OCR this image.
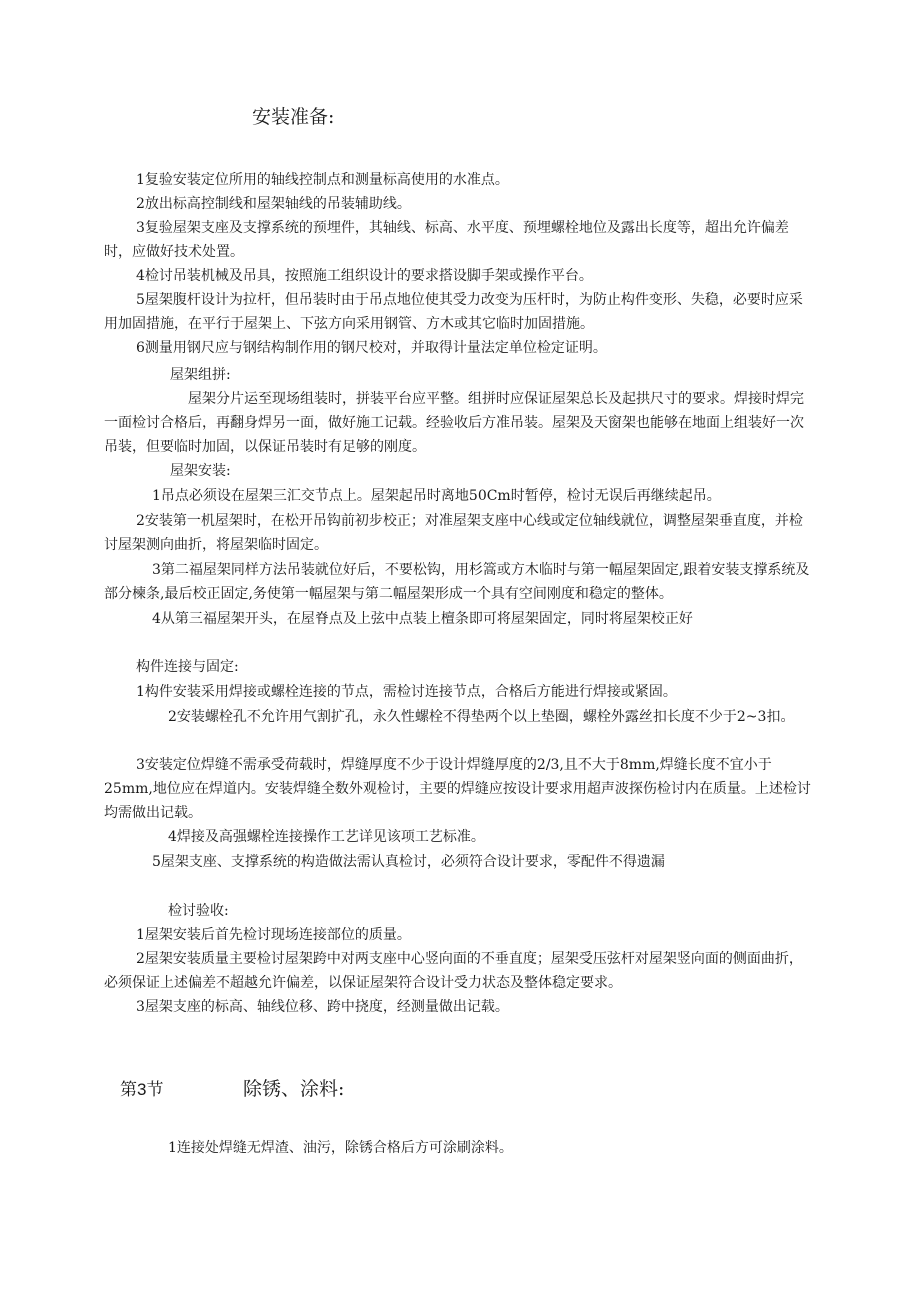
安装准备:
1复验安装定位所用的轴线控制点和测量标高使用的水准点。
2放出标高控制线和屋架轴线的吊装辅助线。
3复验屋架支座及支撑系统的预埋件，其轴线、标高、水平度、预埋螺栓地位及露出长度等，超出允许偏差时，应做好技术处置。
4检讨吊装机械及吊具，按照施工组织设计的要求搭设脚手架或操作平台。
5屋架腹杆设计为拉杆，但吊装时由于吊点地位使其受力改变为压杆时，为防止构件变形、失稳，必要时应采用加固措施，在平行于屋架上、下弦方向采用钢管、方木或其它临时加固措施。
6测量用钢尺应与钢结构制作用的钢尺校对，并取得计量法定单位检定证明。
屋架组拼:
屋架分片运至现场组装时，拼装平台应平整。组拼时应保证屋架总长及起拱尺寸的要求。焊接时焊完一面检讨合格后，再翻身焊另一面，做好施工记载。经验收后方准吊装。屋架及天窗架也能够在地面上组装好一次吊装，但要临时加固，以保证吊装时有足够的刚度。
屋架安装:
1吊点必须设在屋架三汇交节点上。屋架起吊时离地50Cm时暂停，检讨无误后再继续起吊。
2安装第一机屋架时，在松开吊钩前初步校正；对准屋架支座中心线或定位轴线就位，调整屋架垂直度，并检讨屋架测向曲折，将屋架临时固定。
3第二福屋架同样方法吊装就位好后，不要松钩，用杉篙或方木临时与第一幅屋架固定,跟着安装支撑系统及部分楝条,最后校正固定,务使第一幅屋架与第二幅屋架形成一个具有空间刚度和稳定的整体。
4从第三福屋架开头，在屋脊点及上弦中点装上檀条即可将屋架固定，同时将屋架校正好
构件连接与固定:
1构件安装采用焊接或螺栓连接的节点，需检讨连接节点，合格后方能进行焊接或紧固。
2安装螺栓孔不允许用气割扩孔，永久性螺栓不得垫两个以上垫圈，螺栓外露丝扣长度不少于2~3扣。
3安装定位焊缝不需承受荷载时，焊缝厚度不少于设计焊缝厚度的2/3,且不大于8mm,焊缝长度不宜小于25mm,地位应在焊道内。安装焊缝全数外观检讨，主要的焊缝应按设计要求用超声波探伤检讨内在质量。上述检讨均需做出记载。
4焊接及高强螺栓连接操作工艺详见该项工艺标准。
5屋架支座、支撑系统的构造做法需认真检讨，必须符合设计要求，零配件不得遗漏
检讨验收:
1屋架安装后首先检讨现场连接部位的质量。
2屋架安装质量主要检讨屋架跨中对两支座中心竖向面的不垂直度；屋架受压弦杆对屋架竖向面的侧面曲折，必须保证上述偏差不超越允许偏差，以保证屋架符合设计受力状态及整体稳定要求。
3屋架支座的标高、轴线位移、跨中挠度，经测量做出记载。
第3节	除锈、涂料:
1连接处焊缝无焊渣、油污，除锈合格后方可涂刷涂料。
